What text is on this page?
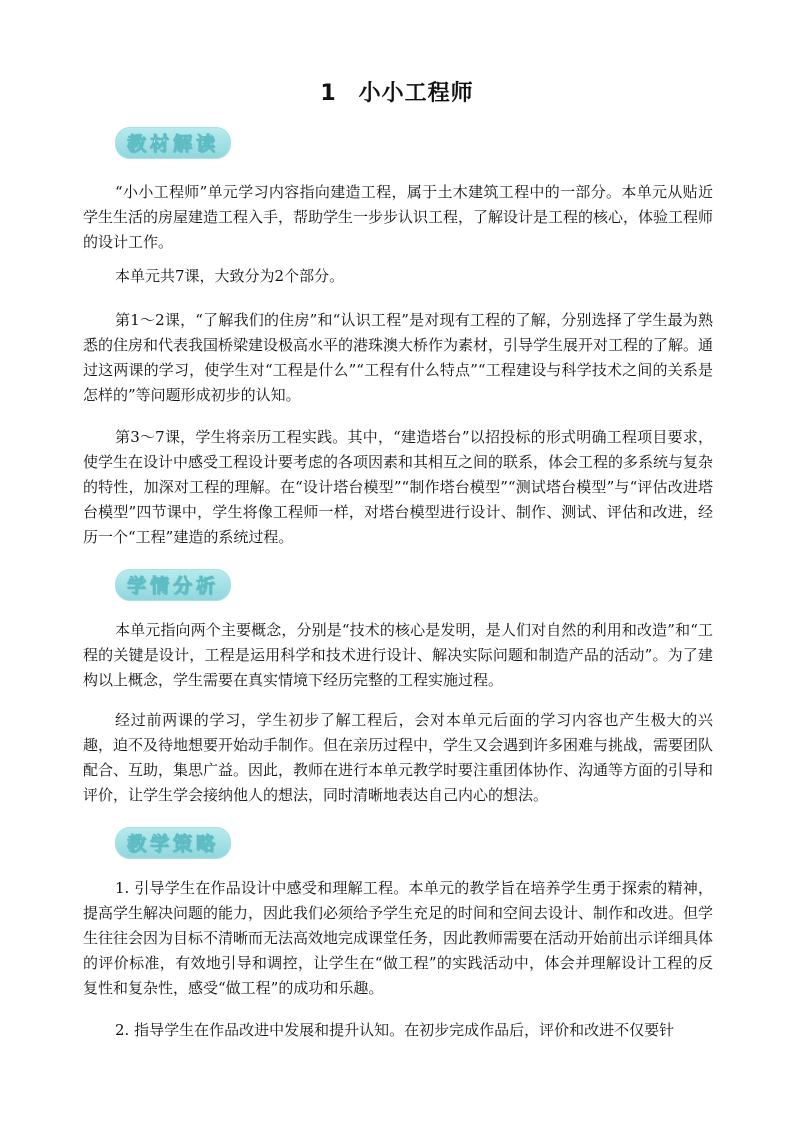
1 小小工程师
教材解读

“小小工程师”单元学习内容指向建造工程，属于土木建筑工程中的一部分。本单元从贴近学生生活的房屋建造工程入手，帮助学生一步步认识工程，了解设计是工程的核心，体验工程师的设计工作。

本单元共7课，大致分为2个部分。

第1～2课，“了解我们的住房”和“认识工程”是对现有工程的了解，分别选择了学生最为熟悉的住房和代表我国桥梁建设极高水平的港珠澳大桥作为素材，引导学生展开对工程的了解。通过这两课的学习，使学生对“工程是什么”“工程有什么特点”“工程建设与科学技术之间的关系是怎样的”等问题形成初步的认知。

第3～7课，学生将亲历工程实践。其中，“建造塔台”以招投标的形式明确工程项目要求，使学生在设计中感受工程设计要考虑的各项因素和其相互之间的联系，体会工程的多系统与复杂的特性，加深对工程的理解。在“设计塔台模型”“制作塔台模型”“测试塔台模型”与“评估改进塔台模型”四节课中，学生将像工程师一样，对塔台模型进行设计、制作、测试、评估和改进，经历一个“工程”建造的系统过程。

学情分析

本单元指向两个主要概念，分别是“技术的核心是发明，是人们对自然的利用和改造”和“工程的关键是设计，工程是运用科学和技术进行设计、解决实际问题和制造产品的活动”。为了建构以上概念，学生需要在真实情境下经历完整的工程实施过程。

经过前两课的学习，学生初步了解工程后，会对本单元后面的学习内容也产生极大的兴趣，迫不及待地想要开始动手制作。但在亲历过程中，学生又会遇到许多困难与挑战，需要团队配合、互助，集思广益。因此，教师在进行本单元教学时要注重团体协作、沟通等方面的引导和评价，让学生学会接纳他人的想法，同时清晰地表达自己内心的想法。

教学策略

1. 引导学生在作品设计中感受和理解工程。本单元的教学旨在培养学生勇于探索的精神，提高学生解决问题的能力，因此我们必须给予学生充足的时间和空间去设计、制作和改进。但学生往往会因为目标不清晰而无法高效地完成课堂任务，因此教师需要在活动开始前出示详细具体的评价标准，有效地引导和调控，让学生在“做工程”的实践活动中，体会并理解设计工程的反复性和复杂性，感受“做工程”的成功和乐趣。

2. 指导学生在作品改进中发展和提升认知。在初步完成作品后，评价和改进不仅要针
